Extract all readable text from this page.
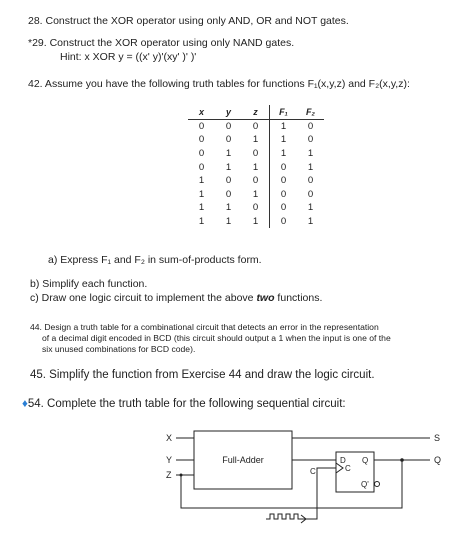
28. Construct the XOR operator using only AND, OR and NOT gates.
*29. Construct the XOR operator using only NAND gates.
Hint: x XOR y = ((x' y)'(xy' )' )'
42. Assume you have the following truth tables for functions F₁(x,y,z) and F₂(x,y,z):
x	y	z	F₁	F₂
0	0	0	1	0
0	0	1	1	0
0	1	0	1	1
0	1	1	0	1
1	0	0	0	0
1	0	1	0	0
1	1	0	0	1
1	1	1	0	1
a) Express F₁ and F₂ in sum-of-products form.
b) Simplify each function.
c) Draw one logic circuit to implement the above two functions.
44. Design a truth table for a combinational circuit that detects an error in the representation
of a decimal digit encoded in BCD (this circuit should output a 1 when the input is one of the
six unused combinations for BCD code).
45. Simplify the function from Exercise 44 and draw the logic circuit.
♦54. Complete the truth table for the following sequential circuit:
X
Y
Z
Full-Adder	D Q
C
Q'
C
S
Q
